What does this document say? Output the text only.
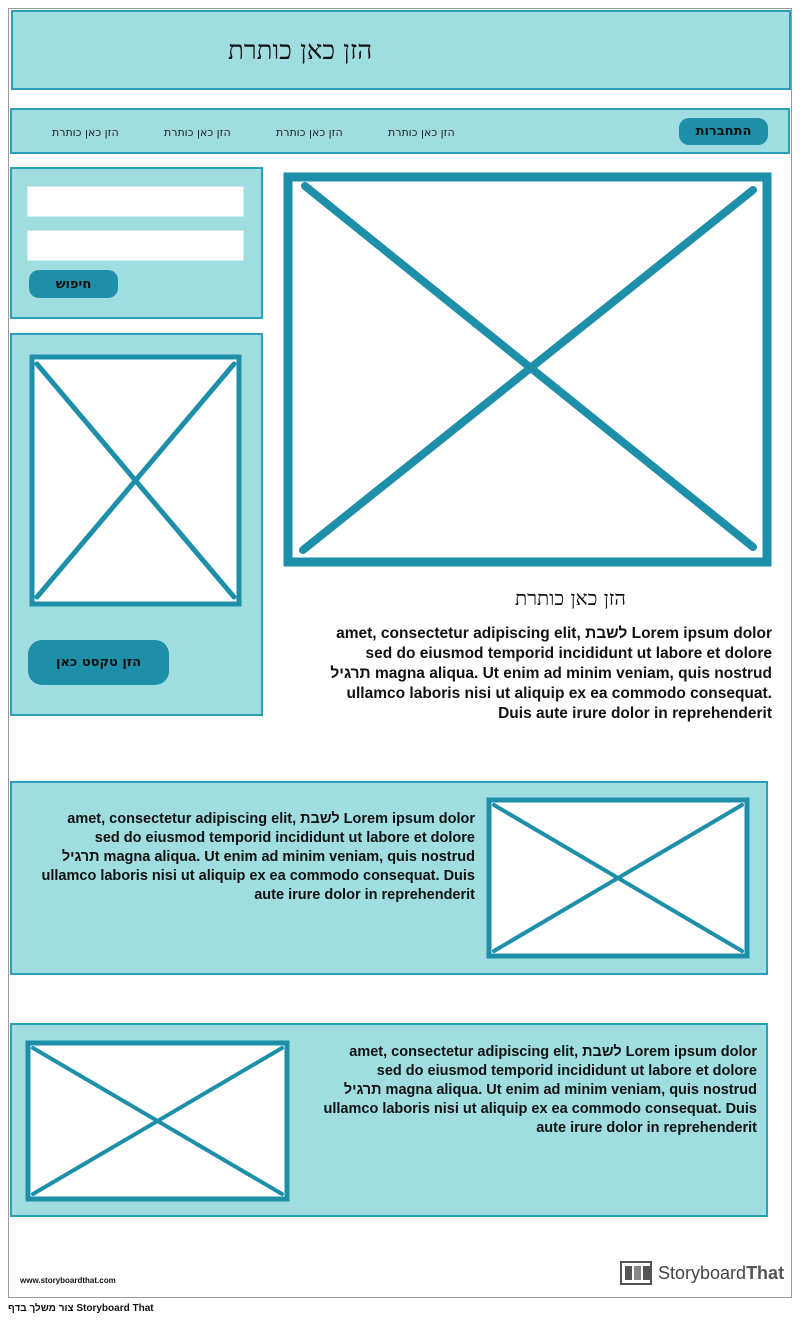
הזן כאן כותרת
הזן כאן כותרת	הזן כאן כותרת	הזן כאן כותרת	הזן כאן כותרת	התחברות
חיפוש
הזן טקסט כאן
הזן כאן כותרת
amet, consectetur adipiscing elit, לשבת Lorem ipsum dolor
sed do eiusmod temporid incididunt ut labore et dolore
תרגיל magna aliqua. Ut enim ad minim veniam, quis nostrud
ullamco laboris nisi ut aliquip ex ea commodo consequat.
Duis aute irure dolor in reprehenderit
amet, consectetur adipiscing elit, לשבת Lorem ipsum dolor
sed do eiusmod temporid incididunt ut labore et dolore
תרגיל magna aliqua. Ut enim ad minim veniam, quis nostrud
ullamco laboris nisi ut aliquip ex ea commodo consequat. Duis
aute irure dolor in reprehenderit
amet, consectetur adipiscing elit, לשבת Lorem ipsum dolor
sed do eiusmod temporid incididunt ut labore et dolore
תרגיל magna aliqua. Ut enim ad minim veniam, quis nostrud
ullamco laboris nisi ut aliquip ex ea commodo consequat. Duis
aute irure dolor in reprehenderit
www.storyboardthat.com	StoryboardThat
צור משלך בדף Storyboard That
